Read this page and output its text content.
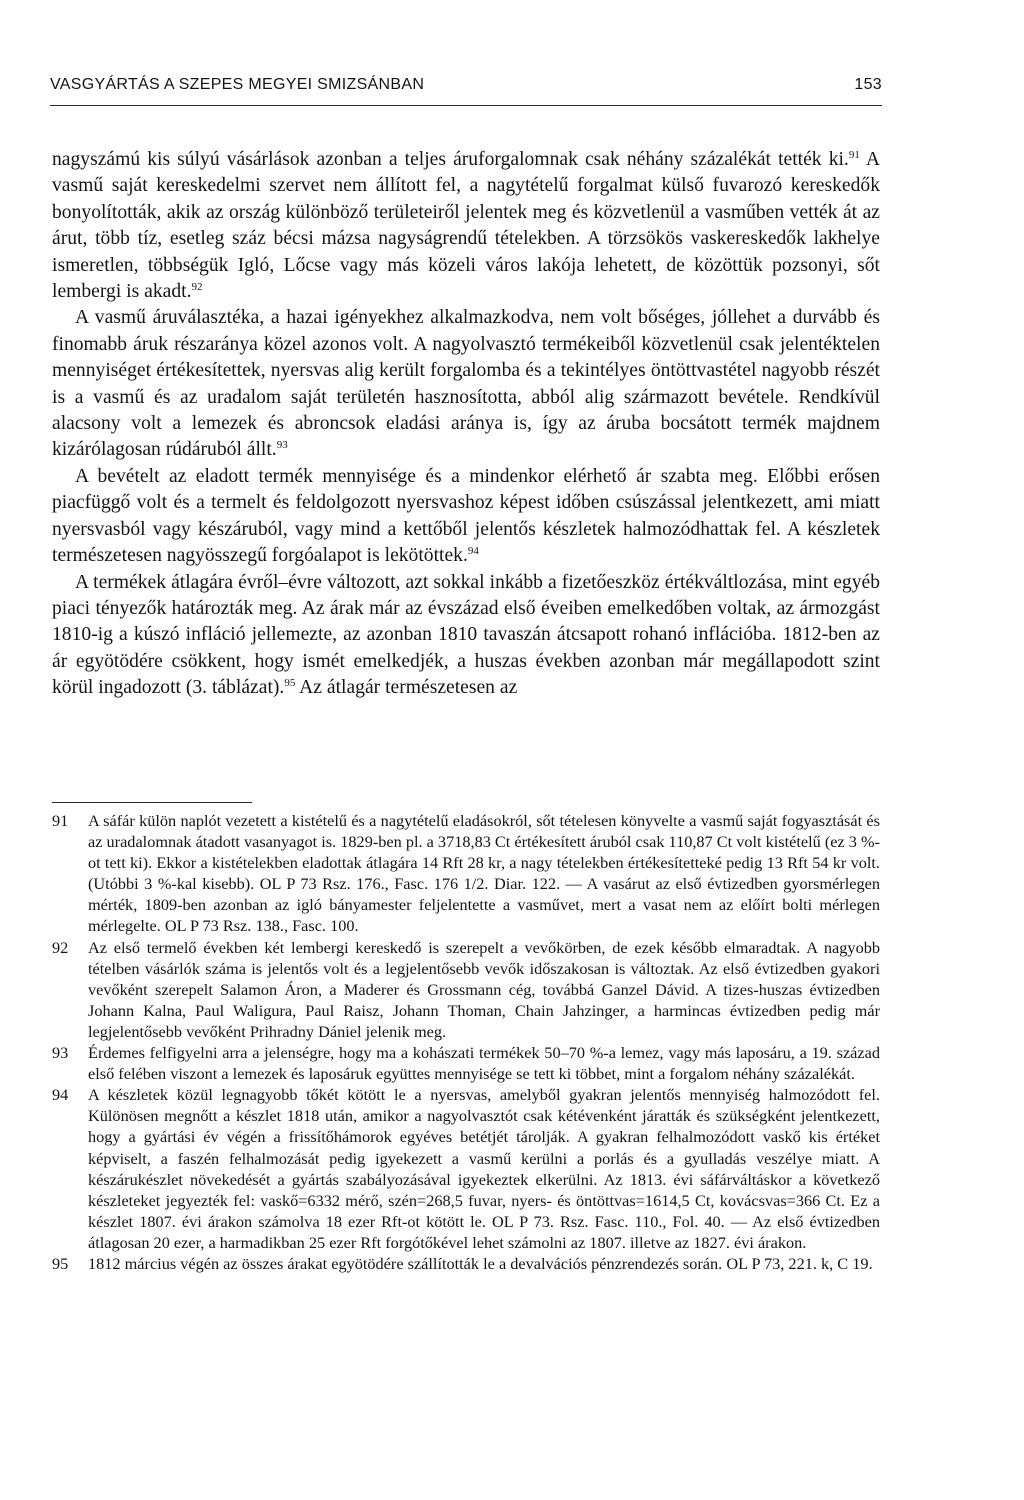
VASGYÁRTÁS A SZEPES MEGYEI SMIZSÁNBAN	153

nagyszámú kis súlyú vásárlások azonban a teljes áruforgalomnak csak néhány százalékát tették ki.$^{91}$ A vasmű saját kereskedelmi szervet nem állított fel, a nagytételű forgalmat külső fuvarozó kereskedők bonyolították, akik az ország különböző területeiről jelentek meg és közvetlenül a vasműben vették át az árut, több tíz, esetleg száz bécsi mázsa nagyságrendű tételekben. A törzsökös vaskereskedők lakhelye ismeretlen, többségük Igló, Lőcse vagy más közeli város lakója lehetett, de közöttük pozsonyi, sőt lembergi is akadt.$^{92}$

A vasmű áruválasztéka, a hazai igényekhez alkalmazkodva, nem volt bőséges, jóllehet a durvább és finomabb áruk részaránya közel azonos volt. A nagyolvasztó termékeiből közvetlenül csak jelentéktelen mennyiséget értékesítettek, nyersvas alig került forgalomba és a tekintélyes öntöttvastétel nagyobb részét is a vasmű és az uradalom saját területén hasznosította, abból alig származott bevétele. Rendkívül alacsony volt a lemezek és abroncsok eladási aránya is, így az áruba bocsátott termék majdnem kizárólagosan rúdáruból állt.$^{93}$

A bevételt az eladott termék mennyisége és a mindenkor elérhető ár szabta meg. Előbbi erősen piacfüggő volt és a termelt és feldolgozott nyersvashoz képest időben csúszással jelentkezett, ami miatt nyersvasból vagy készáruból, vagy mind a kettőből jelentős készletek halmozódhattak fel. A készletek természetesen nagyösszegű forgóalapot is lekötöttek.$^{94}$

A termékek átlagára évről–évre változott, azt sokkal inkább a fizetőeszköz értékváltlozása, mint egyéb piaci tényezők határozták meg. Az árak már az évszázad első éveiben emelkedőben voltak, az ármozgást 1810-ig a kúszó infláció jellemezte, az azonban 1810 tavaszán átcsapott rohanó inflációba. 1812-ben az ár egyötödére csökkent, hogy ismét emelkedjék, a huszas években azonban már megállapodott szint körül ingadozott (3. táblázat).$^{95}$ Az átlagár természetesen az

91 A sáfár külön naplót vezetett a kistételű és a nagytételű eladásokról, sőt tételesen könyvelte a vasmű saját fogyasztását és az uradalomnak átadott vasanyagot is. 1829-ben pl. a 3718,83 Ct értékesített áruból csak 110,87 Ct volt kistételű (ez 3 %-ot tett ki). Ekkor a kistételekben eladottak átlagára 14 Rft 28 kr, a nagy tételekben értékesítetteké pedig 13 Rft 54 kr volt. (Utóbbi 3 %-kal kisebb). OL P 73 Rsz. 176., Fasc. 176 1/2. Diar. 122. — A vasárut az első évtizedben gyorsmérlegen mérték, 1809-ben azonban az igló bányamester feljelentette a vasművet, mert a vasat nem az előírt bolti mérlegen mérlegelte. OL P 73 Rsz. 138., Fasc. 100.

92 Az első termelő években két lembergi kereskedő is szerepelt a vevőkörben, de ezek később elmaradtak. A nagyobb tételben vásárlók száma is jelentős volt és a legjelentősebb vevők időszakosan is változtak. Az első évtizedben gyakori vevőként szerepelt Salamon Áron, a Maderer és Grossmann cég, továbbá Ganzel Dávid. A tizes-huszas évtizedben Johann Kalna, Paul Waligura, Paul Raisz, Johann Thoman, Chain Jahzinger, a harmincas évtizedben pedig már legjelentősebb vevőként Prihradny Dániel jelenik meg.

93 Érdemes felfigyelni arra a jelenségre, hogy ma a kohászati termékek 50–70 %-a lemez, vagy más laposáru, a 19. század első felében viszont a lemezek és laposáruk együttes mennyisége se tett ki többet, mint a forgalom néhány százalékát.

94 A készletek közül legnagyobb tőkét kötött le a nyersvas, amelyből gyakran jelentős mennyiség halmozódott fel. Különösen megnőtt a készlet 1818 után, amikor a nagyolvasztót csak kétévenként járatták és szükségként jelentkezett, hogy a gyártási év végén a frissítőhámorok egyéves betétjét tárolják. A gyakran felhalmozódott vaskő kis értéket képviselt, a faszén felhalmozását pedig igyekezett a vasmű kerülni a porlás és a gyulladás veszélye miatt. A készárukészlet növekedését a gyártás szabályozásával igyekeztek elkerülni. Az 1813. évi sáfárváltáskor a következő készleteket jegyezték fel: vaskő=6332 mérő, szén=268,5 fuvar, nyers- és öntöttvas=1614,5 Ct, kovácsvas=366 Ct. Ez a készlet 1807. évi árakon számolva 18 ezer Rft-ot kötött le. OL P 73. Rsz. Fasc. 110., Fol. 40. — Az első évtizedben átlagosan 20 ezer, a harmadikban 25 ezer Rft forgótőkével lehet számolni az 1807. illetve az 1827. évi árakon.

95 1812 március végén az összes árakat egyötödére szállították le a devalvációs pénzrendezés során. OL P 73, 221. k, C 19.
